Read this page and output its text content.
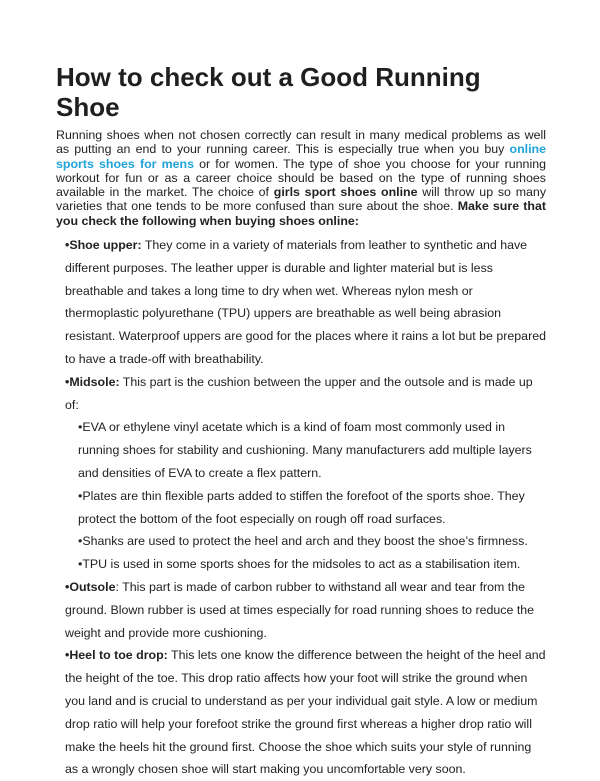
How to check out a Good Running Shoe

Running shoes when not chosen correctly can result in many medical problems as well as putting an end to your running career. This is especially true when you buy online sports shoes for mens or for women. The type of shoe you choose for your running workout for fun or as a career choice should be based on the type of running shoes available in the market. The choice of girls sport shoes online will throw up so many varieties that one tends to be more confused than sure about the shoe. Make sure that you check the following when buying shoes online:

•Shoe upper: They come in a variety of materials from leather to synthetic and have different purposes. The leather upper is durable and lighter material but is less breathable and takes a long time to dry when wet. Whereas nylon mesh or thermoplastic polyurethane (TPU) uppers are breathable as well being abrasion resistant. Waterproof uppers are good for the places where it rains a lot but be prepared to have a trade-off with breathability.

•Midsole: This part is the cushion between the upper and the outsole and is made up of:

•EVA or ethylene vinyl acetate which is a kind of foam most commonly used in running shoes for stability and cushioning. Many manufacturers add multiple layers and densities of EVA to create a flex pattern.

•Plates are thin flexible parts added to stiffen the forefoot of the sports shoe. They protect the bottom of the foot especially on rough off road surfaces.

•Shanks are used to protect the heel and arch and they boost the shoe’s firmness.

•TPU is used in some sports shoes for the midsoles to act as a stabilisation item.

•Outsole: This part is made of carbon rubber to withstand all wear and tear from the ground. Blown rubber is used at times especially for road running shoes to reduce the weight and provide more cushioning.

•Heel to toe drop: This lets one know the difference between the height of the heel and the height of the toe. This drop ratio affects how your foot will strike the ground when you land and is crucial to understand as per your individual gait style. A low or medium drop ratio will help your forefoot strike the ground first whereas a higher drop ratio will make the heels hit the ground first. Choose the shoe which suits your style of running as a wrongly chosen shoe will start making you uncomfortable very soon.
